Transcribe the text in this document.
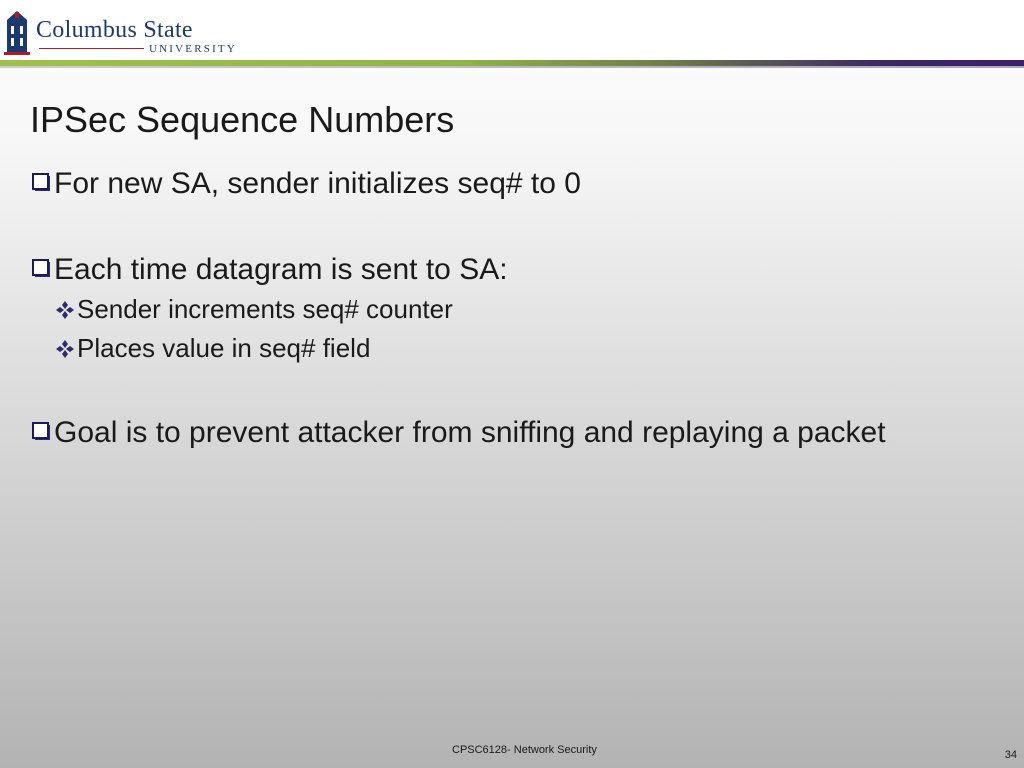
Columbus State
UNIVERSITY
IPSec Sequence Numbers
For new SA, sender initializes seq# to 0
Each time datagram is sent to SA:
Sender increments seq# counter
Places value in seq# field
Goal is to prevent attacker from sniffing and replaying a packet
CPSC6128- Network Security	34
